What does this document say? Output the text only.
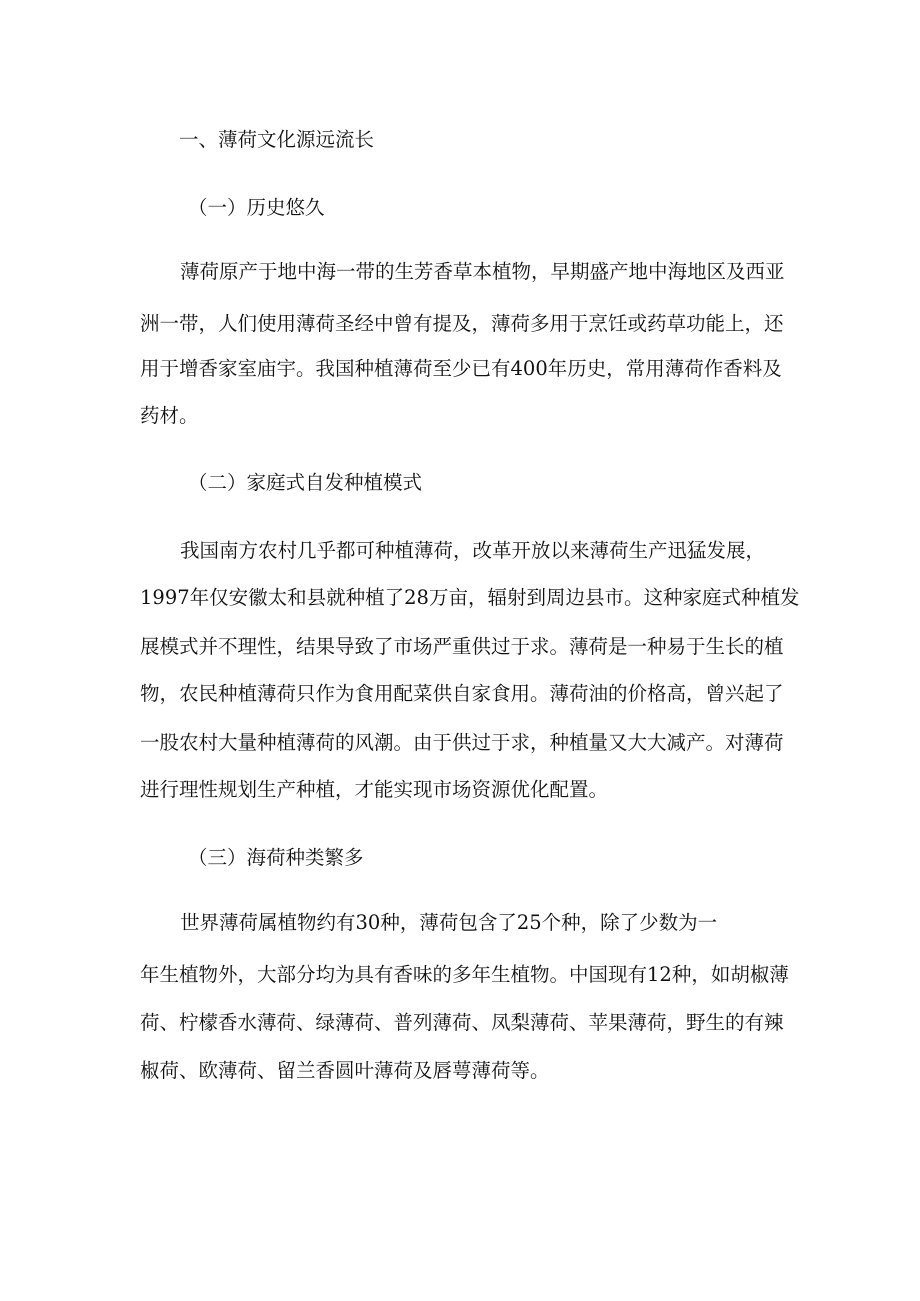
一、薄荷文化源远流长
（一）历史悠久
薄荷原产于地中海一带的生芳香草本植物，早期盛产地中海地区及西亚
洲一带，人们使用薄荷圣经中曾有提及，薄荷多用于烹饪或药草功能上，还
用于增香家室庙宇。我国种植薄荷至少已有400年历史，常用薄荷作香料及
药材。
（二）家庭式自发种植模式
我国南方农村几乎都可种植薄荷，改革开放以来薄荷生产迅猛发展，
1997年仅安徽太和县就种植了28万亩，辐射到周边县市。这种家庭式种植发
展模式并不理性，结果导致了市场严重供过于求。薄荷是一种易于生长的植
物，农民种植薄荷只作为食用配菜供自家食用。薄荷油的价格高，曾兴起了
一股农村大量种植薄荷的风潮。由于供过于求，种植量又大大减产。对薄荷
进行理性规划生产种植，才能实现市场资源优化配置。
（三）海荷种类繁多
世界薄荷属植物约有30种，薄荷包含了25个种，除了少数为一
年生植物外，大部分均为具有香味的多年生植物。中国现有12种，如胡椒薄
荷、柠檬香水薄荷、绿薄荷、普列薄荷、凤梨薄荷、苹果薄荷，野生的有辣
椒荷、欧薄荷、留兰香圆叶薄荷及唇萼薄荷等。
